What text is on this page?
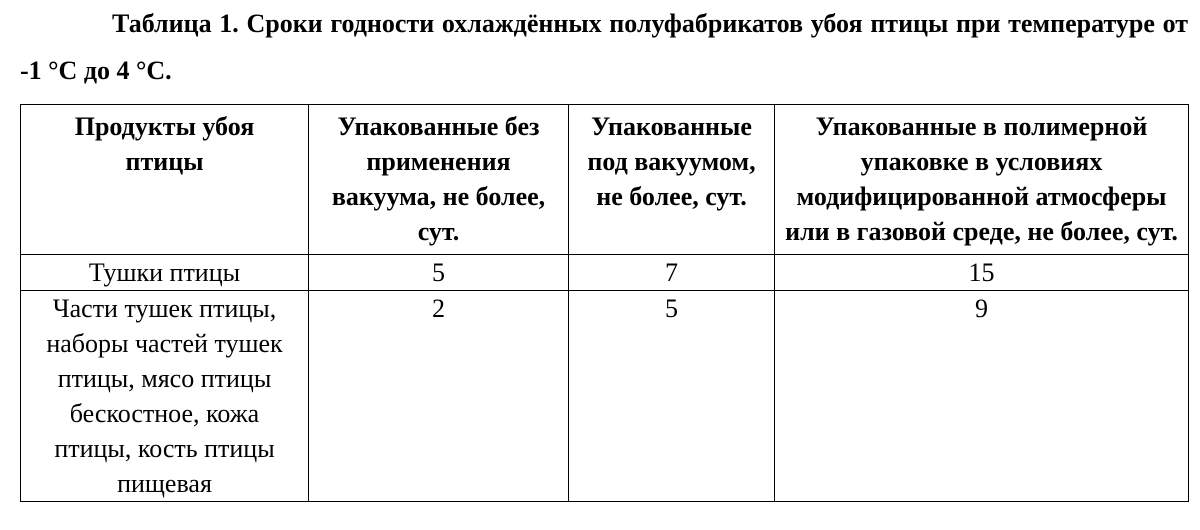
Таблица 1. Сроки годности охлаждённых полуфабрикатов убоя птицы при температуре от -1 °С до 4 °С.

Продукты убоя птицы	Упакованные без применения вакуума, не более, сут.	Упакованные под вакуумом, не более, сут.	Упакованные в полимерной упаковке в условиях модифицированной атмосферы или в газовой среде, не более, сут.

Тушки птицы	5	7	15

Части тушек птицы, наборы частей тушек птицы, мясо птицы бескостное, кожа птицы, кость птицы пищевая	2	5	9
